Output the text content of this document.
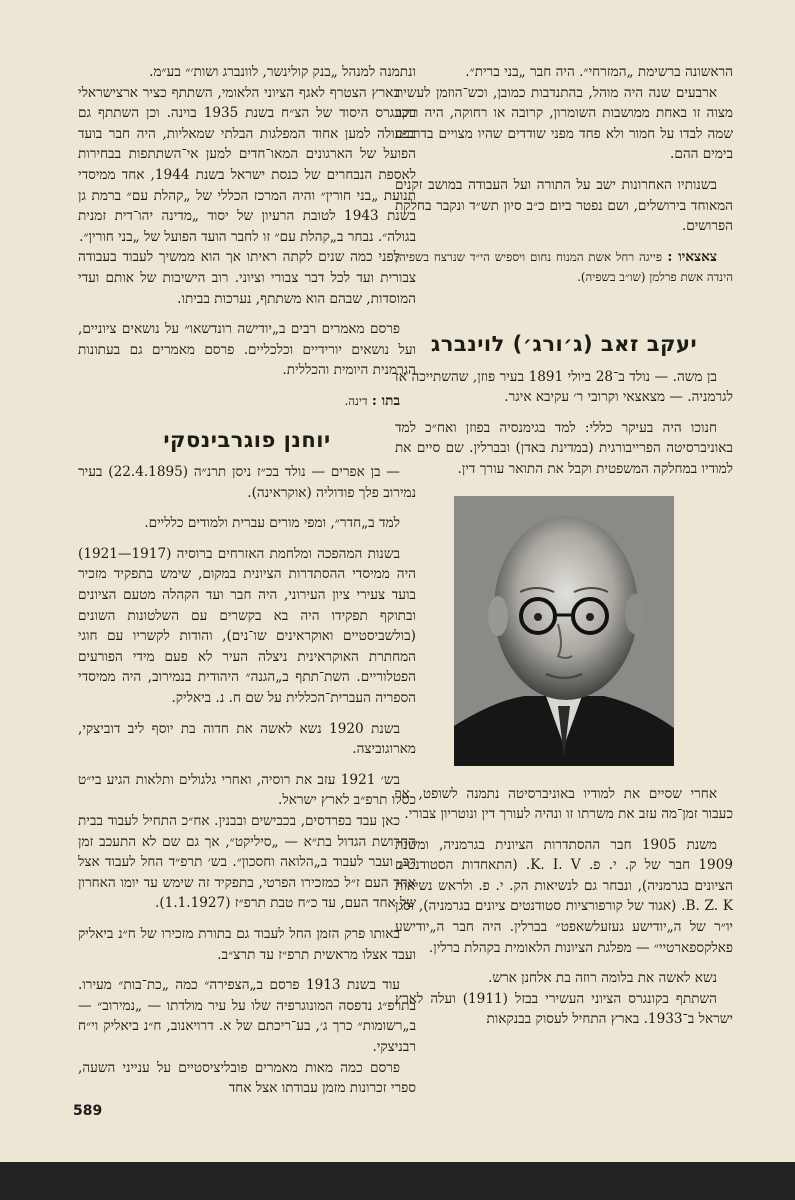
הראשונה ברשימת „המזרחי״. היה חבר „בני ברית״.

ארבעים שנה היה מוהל, בהתנדבות כמובן, וכש־הוזמן לעשית מצוה זו באחת ממושבות השומרון, קרובה או רחוקה, היה רוכב שמה לבדו על חמור ולא פחד מפני שודדים שהיו מצויים בדרכים בימים ההם.

בשנותיו האחרונות ישב על התורה ועל העבודה במושב זקנים המאוחד בירושלים, ושם נפטר ביום כ״ב סיון תש״ד ונקבר בחלקת הפרושים.

צאצאיו : פייגה רחל אשת המנוח נחום ויספיש הי״ד שנרצח בשפיה; הינדה אשת פרלמן (שו״ב בשפיה).

יעקב זאב (ג׳ורג׳) לוינברג

בן משה. — נולד ב־28 ביולי 1891 בעיר פוזן, שהשתייכה אז לגרמניה. — מצאצאי וקרובי ר׳ עקיבא איגר.

חנוכו היה בעיקר כללי: למד בגימנסיה בפוזן ואח״כ למד באוניברסיטה הפרייבורגית (במדינת באדן) ובברלין. שם סיים את למודיו במחלקה המשפטית וקבל את התואר עורך דין.

אחרי שסיים את למודיו באוניברסיטה נתמנה לשופט, אך כעבור זמן־מה עזב את משרתו זו ונהיה לעורך דין ונוטריון צבורי.

משנת 1905 חבר ההסתדרות הציונית בגרמניה, ומשנת 1909 חבר של ק. י. פ. K. I. V. (התאחדות הסטודנטים הציונים בגרמניה), ונבחר גם לנשיאות הק. י. פ. ולראש נשיאות B. Z. K. (אגוד של קורפורציות סטודנטים ציונים בגרמניה), וסגן יו״ר של ה„יודישע געזעלשאפט״ בברלין. היה חבר ה„יודישע פאלקספארטיי״ — מפלגת הציונות הלאומית בקהלת ברלין.

נשא לאשה את בלומה רוזה בת אלחנן ארש.

השתתף בקונגרס הציוני העשירי בבזל (1911) ועלה לארץ ישראל ב־1933. בארץ התחיל לעסוק בבנקאות

ונתמנה למנהל „בנק קולינשר, לוונברג ושות׳״ בע״מ.

בארץ הצטרף לאגף הציוני הלאומי, השתתף כציר ארצישראלי בקונגרס היסוד של הצ״ח בשנת 1935 בוינה. וכן השתתף גם בפעולה למען אחוד המפלגות הבלתי שמאליות, היה חבר בועד הפועל של הארגונים המאו־חדים למען אי־השתתפות בבחירות לאספת הנבחרים של כנסת ישראל בשנת 1944, אחד ממיסדי תנועת „בני חורין״ והיה המרכז הכללי של „קהלת עם״ ברמת גן בשנת 1943 לטובת הרעיון של יסוד „מדינה יהו־דית זמנית בגולה״. נבחר ב„קהלת עם״ זו לחבר הועד הפועל של „בני חורין״.

לפני כמה שנים לקתה ראיתו אך הוא ממשיך לעבוד בעבודה צבורית ועד לכל דבר צבורי וציוני. רוב הישיבות של אותם ועדי המוסדות, שבהם הוא משתתף, נערכות בביתו.

פרסם מאמרים רבים ב„יודישה רונדשאו״ על נושאים ציוניים, ועל נושאים יורידיים וכלכליים. פרסם מאמרים גם בעתונות הגרמנית היומית והכללית.

בתו : דינה.

יוחנן פוגרבינסקי

— בן אפרים — נולד בכ״ז ניסן תרנ״ה (22.4.1895) בעיר נמירוב פלך פודוליה (אוקראינה).

למד ב„חדר״, ומפי מורים עברית ולמודים כלליים.

בשנות המהפכה ומלחמת האזרחים ברוסיה (1917—1921) היה ממיסדי ההסתדרות הציונית במקום, שימש בתפקיד מזכיר בועד צעירי ציון העירוני, היה חבר ועד הקהלה מטעם הציונים ובתוקף תפקידו היה בא בקשרים עם השלטונות השונים (בולשביסטיים ואוקראינים שו־נים), והודות לקשריו עם חוגי המחתרת האוקראינית ניצלה העיר לא פעם מידי הפורעים הפטלוריים. השת־תתף ב„הגנה״ היהודית בנמירוב, היה ממיסדי הספריה העברית־הכללית על שם ח. נ. ביאליק.

בשנת 1920 נשא לאשה את חדוה בת יוסף ליב דוביצקי, מארוגוביצה.

בש׳ 1921 עזב את רוסיה, ואחרי גלגולים ותלאות הגיע בי״ט כסלו תרפ״ב לארץ ישראל.

כאן עבד בפרדסים, בכבישים ובבנין. אח״כ התחיל לעבוד בבית החרושת הגדול בת״א — „סיליקט״, אך גם שם לא התעכב זמן רב, ועבר לעבוד ב„הלואה וחסכון״. בש׳ תרפ״ד החל לעבוד אצל אחד העם ז״ל כמזכירו הפרטי, בתפקיד זה שימש עד יומו האחרון של אחד העם, עד כ״ח טבת תרפ״ז (1.1.1927).

באותו פרק הזמן החל לעבוד גם בתורת מזכירו של ח״נ ביאליק ועבד אצלו מראשית תרפ״ז עד תרצ״ב.

עוד בשנת 1913 פרסם ב„הצפירה״ כמה „כת־בות״ מעירו. בתרפ״ג נדפסה המונוגרפיה שלו על עיר מולדתו — „נמירוב״ — ב„רשומות״ כרך ג׳, בע־ריכתם של א. דרויאנוב, ח״נ ביאליק וי״ח רבניצקי.

פרסם כמה מאות מאמרים פובליציסטיים על ענייני השעה, ספרי זכרונות מזמן עבודתו אצל אחד

589
